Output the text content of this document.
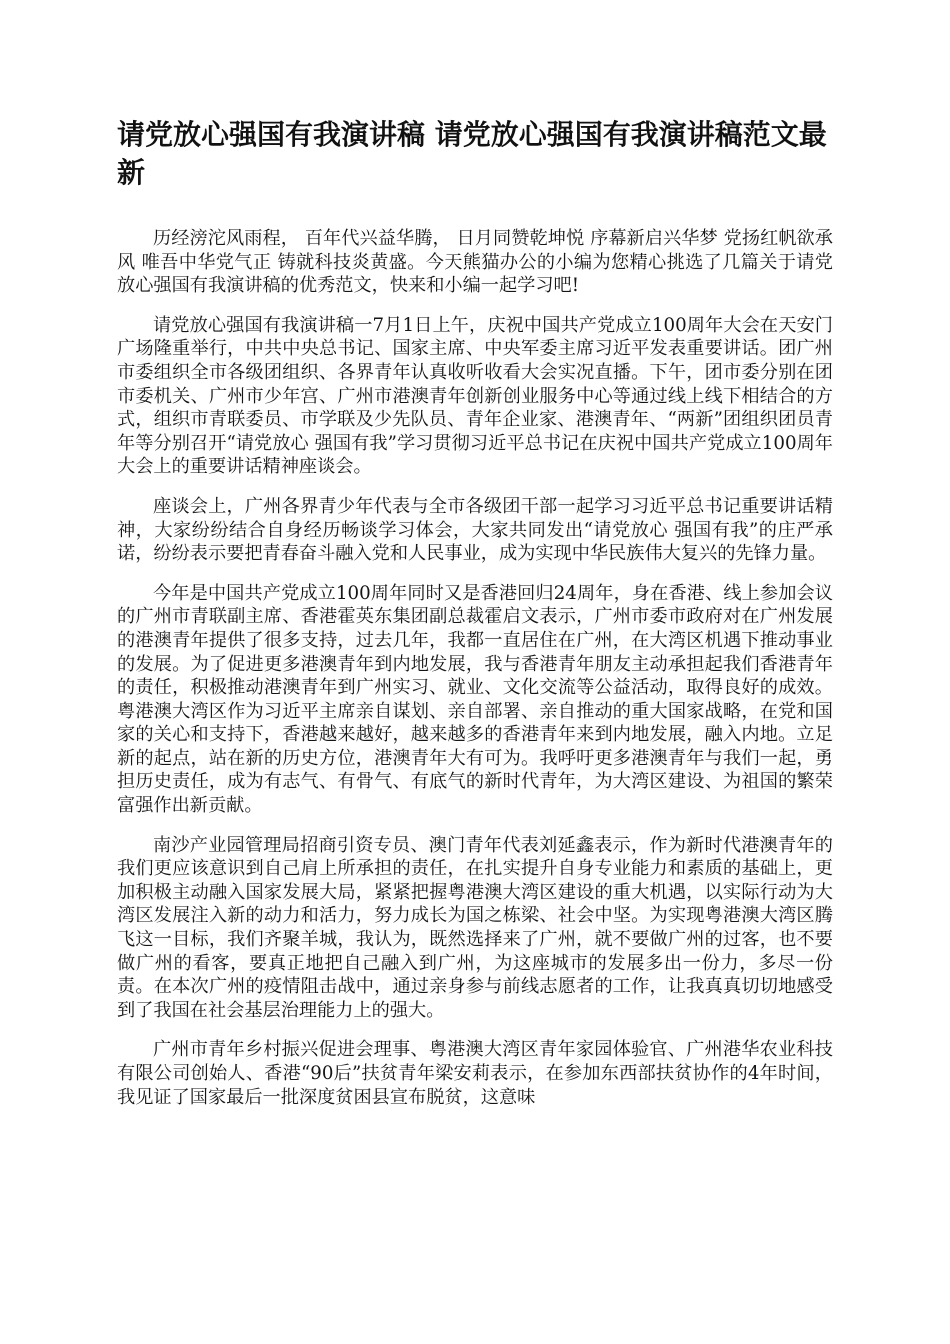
请党放心强国有我演讲稿 请党放心强国有我演讲稿范文最新

历经滂沱风雨程， 百年代兴益华腾， 日月同赞乾坤悦 序幕新启兴华梦 党扬红帆欲承风 唯吾中华党气正 铸就科技炎黄盛。今天熊猫办公的小编为您精心挑选了几篇关于请党放心强国有我演讲稿的优秀范文，快来和小编一起学习吧!

请党放心强国有我演讲稿一7月1日上午，庆祝中国共产党成立100周年大会在天安门广场隆重举行，中共中央总书记、国家主席、中央军委主席习近平发表重要讲话。团广州市委组织全市各级团组织、各界青年认真收听收看大会实况直播。下午，团市委分别在团市委机关、广州市少年宫、广州市港澳青年创新创业服务中心等通过线上线下相结合的方式，组织市青联委员、市学联及少先队员、青年企业家、港澳青年、“两新”团组织团员青年等分别召开“请党放心 强国有我”学习贯彻习近平总书记在庆祝中国共产党成立100周年大会上的重要讲话精神座谈会。

座谈会上，广州各界青少年代表与全市各级团干部一起学习习近平总书记重要讲话精神，大家纷纷结合自身经历畅谈学习体会，大家共同发出“请党放心 强国有我”的庄严承诺，纷纷表示要把青春奋斗融入党和人民事业，成为实现中华民族伟大复兴的先锋力量。

今年是中国共产党成立100周年同时又是香港回归24周年，身在香港、线上参加会议的广州市青联副主席、香港霍英东集团副总裁霍启文表示，广州市委市政府对在广州发展的港澳青年提供了很多支持，过去几年，我都一直居住在广州，在大湾区机遇下推动事业的发展。为了促进更多港澳青年到内地发展，我与香港青年朋友主动承担起我们香港青年的责任，积极推动港澳青年到广州实习、就业、文化交流等公益活动，取得良好的成效。粤港澳大湾区作为习近平主席亲自谋划、亲自部署、亲自推动的重大国家战略，在党和国家的关心和支持下，香港越来越好，越来越多的香港青年来到内地发展，融入内地。立足新的起点，站在新的历史方位，港澳青年大有可为。我呼吁更多港澳青年与我们一起，勇担历史责任，成为有志气、有骨气、有底气的新时代青年，为大湾区建设、为祖国的繁荣富强作出新贡献。

南沙产业园管理局招商引资专员、澳门青年代表刘延鑫表示，作为新时代港澳青年的我们更应该意识到自己肩上所承担的责任，在扎实提升自身专业能力和素质的基础上，更加积极主动融入国家发展大局，紧紧把握粤港澳大湾区建设的重大机遇，以实际行动为大湾区发展注入新的动力和活力，努力成长为国之栋梁、社会中坚。为实现粤港澳大湾区腾飞这一目标，我们齐聚羊城，我认为，既然选择来了广州，就不要做广州的过客，也不要做广州的看客，要真正地把自己融入到广州，为这座城市的发展多出一份力，多尽一份责。在本次广州的疫情阻击战中，通过亲身参与前线志愿者的工作，让我真真切切地感受到了我国在社会基层治理能力上的强大。

广州市青年乡村振兴促进会理事、粤港澳大湾区青年家园体验官、广州港华农业科技有限公司创始人、香港“90后”扶贫青年梁安莉表示，在参加东西部扶贫协作的4年时间，我见证了国家最后一批深度贫困县宣布脱贫，这意味
